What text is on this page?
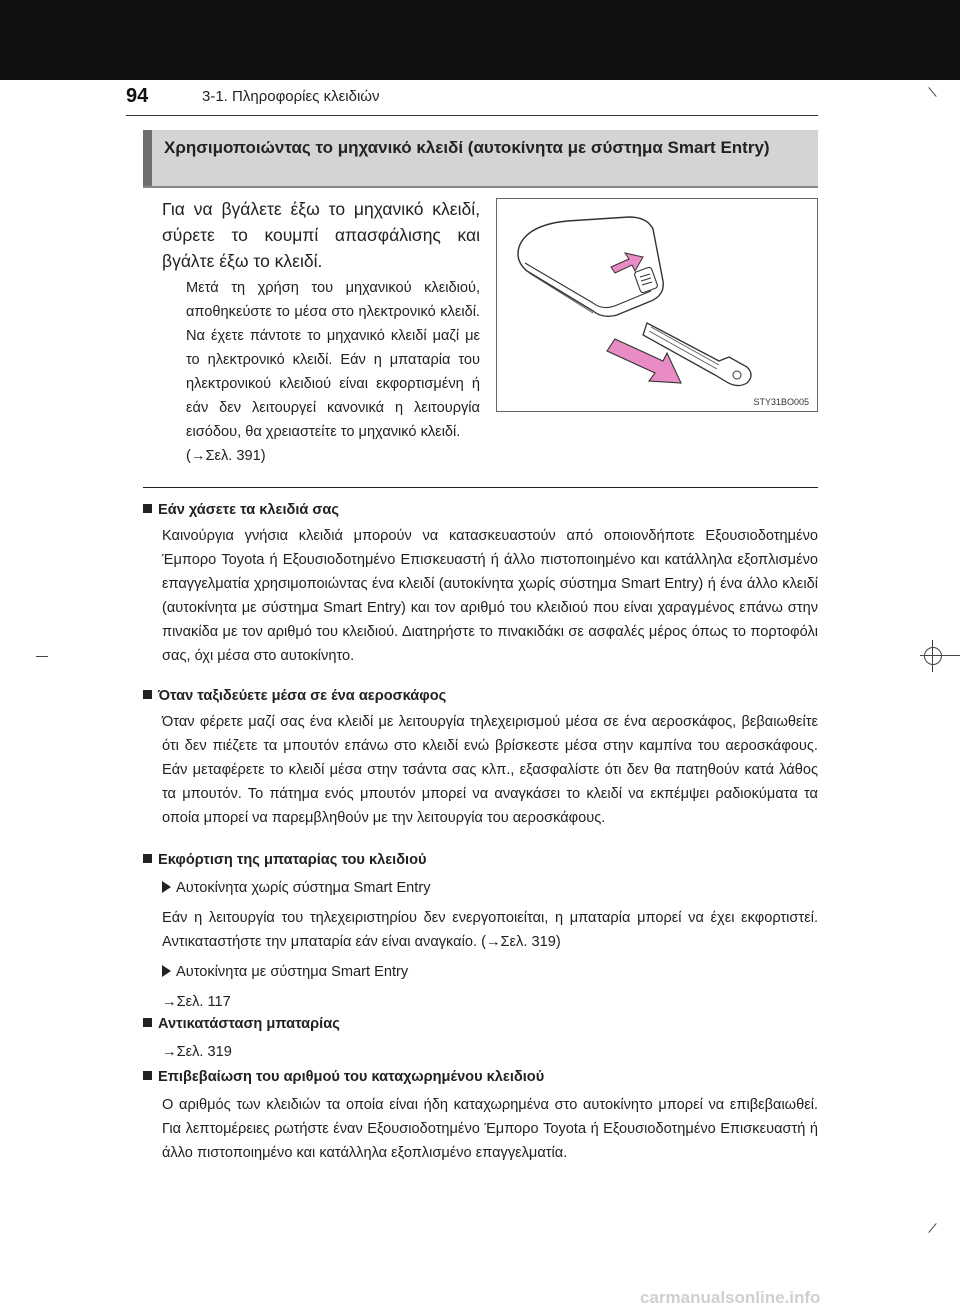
94	3-1. Πληροφορίες κλειδιών
Χρησιμοποιώντας το μηχανικό κλειδί (αυτοκίνητα με σύστημα Smart Entry)
Για να βγάλετε έξω το μηχανικό κλειδί, σύρετε το κουμπί απασφάλισης και βγάλτε έξω το κλειδί.
Μετά τη χρήση του μηχανικού κλειδιού, αποθηκεύστε το μέσα στο ηλεκτρονικό κλειδί. Να έχετε πάντοτε το μηχανικό κλειδί μαζί με το ηλεκτρονικό κλειδί. Εάν η μπαταρία του ηλεκτρονικού κλειδιού είναι εκφορτισμένη ή εάν δεν λειτουργεί κανονικά η λειτουργία εισόδου, θα χρειαστείτε το μηχανικό κλειδί.
(→Σελ. 391)
STY31BO005
Εάν χάσετε τα κλειδιά σας
Καινούργια γνήσια κλειδιά μπορούν να κατασκευαστούν από οποιονδήποτε Εξουσιοδοτημένο Έμπορο Toyota ή Εξουσιοδοτημένο Επισκευαστή ή άλλο πιστοποιημένο και κατάλληλα εξοπλισμένο επαγγελματία χρησιμοποιώντας ένα κλειδί (αυτοκίνητα χωρίς σύστημα Smart Entry) ή ένα άλλο κλειδί (αυτοκίνητα με σύστημα Smart Entry) και τον αριθμό του κλειδιού που είναι χαραγμένος επάνω στην πινακίδα με τον αριθμό του κλειδιού. Διατηρήστε το πινακιδάκι σε ασφαλές μέρος όπως το πορτοφόλι σας, όχι μέσα στο αυτοκίνητο.
Όταν ταξιδεύετε μέσα σε ένα αεροσκάφος
Όταν φέρετε μαζί σας ένα κλειδί με λειτουργία τηλεχειρισμού μέσα σε ένα αεροσκάφος, βεβαιωθείτε ότι δεν πιέζετε τα μπουτόν επάνω στο κλειδί ενώ βρίσκεστε μέσα στην καμπίνα του αεροσκάφους. Εάν μεταφέρετε το κλειδί μέσα στην τσάντα σας κλπ., εξασφαλίστε ότι δεν θα πατηθούν κατά λάθος τα μπουτόν. Το πάτημα ενός μπουτόν μπορεί να αναγκάσει το κλειδί να εκπέμψει ραδιοκύματα τα οποία μπορεί να παρεμβληθούν με την λειτουργία του αεροσκάφους.
Εκφόρτιση της μπαταρίας του κλειδιού
Αυτοκίνητα χωρίς σύστημα Smart Entry
Εάν η λειτουργία του τηλεχειριστηρίου δεν ενεργοποιείται, η μπαταρία μπορεί να έχει εκφορτιστεί. Αντικαταστήστε την μπαταρία εάν είναι αναγκαίο. (→Σελ. 319)
Αυτοκίνητα με σύστημα Smart Entry
→Σελ. 117
Αντικατάσταση μπαταρίας
→Σελ. 319
Επιβεβαίωση του αριθμού του καταχωρημένου κλειδιού
Ο αριθμός των κλειδιών τα οποία είναι ήδη καταχωρημένα στο αυτοκίνητο μπορεί να επιβεβαιωθεί. Για λεπτομέρειες ρωτήστε έναν Εξουσιοδοτημένο Έμπορο Toyota ή Εξουσιοδοτημένο Επισκευαστή ή άλλο πιστοποιημένο και κατάλληλα εξοπλισμένο επαγγελματία.
carmanualsonline.info
